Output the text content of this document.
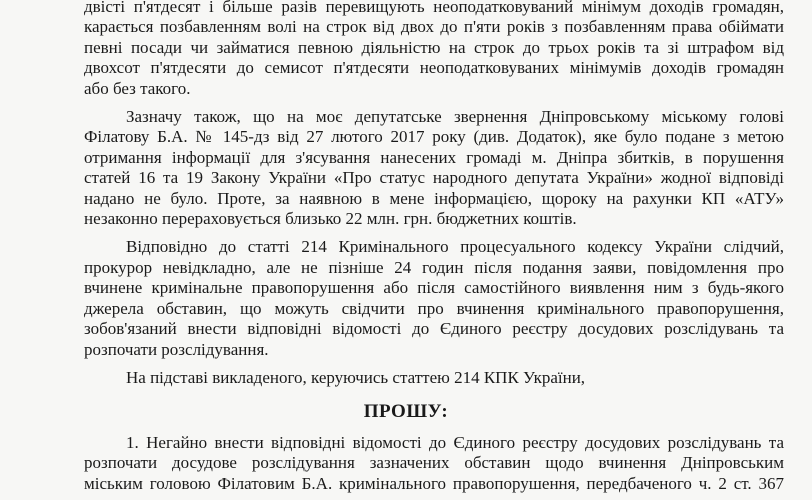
двісті п'ятдесят і більше разів перевищують неоподатковуваний мінімум доходів громадян,
карається позбавленням волі на строк від двох до п'яти років з позбавленням права обіймати
певні посади чи займатися певною діяльністю на строк до трьох років та зі штрафом від
двохсот п'ятдесяти до семисот п'ятдесяти неоподатковуваних мінімумів доходів громадян
або без такого.
Зазначу також, що на моє депутатське звернення Дніпровському міському голові
Філатову Б.А. № 145-дз від 27 лютого 2017 року (див. Додаток), яке було подане з метою
отримання інформації для з'ясування нанесених громаді м. Дніпра збитків, в порушення
статей 16 та 19 Закону України «Про статус народного депутата України» жодної відповіді
надано не було. Проте, за наявною в мене інформацією, щороку на рахунки КП «АТУ»
незаконно перераховується близько 22 млн. грн. бюджетних коштів.
Відповідно до статті 214 Кримінального процесуального кодексу України слідчий,
прокурор невідкладно, але не пізніше 24 годин після подання заяви, повідомлення про
вчинене кримінальне правопорушення або після самостійного виявлення ним з будь-якого
джерела обставин, що можуть свідчити про вчинення кримінального правопорушення,
зобов'язаний внести відповідні відомості до Єдиного реєстру досудових розслідувань та
розпочати розслідування.
На підставі викладеного, керуючись статтею 214 КПК України,
ПРОШУ:
1. Негайно внести відповідні відомості до Єдиного реєстру досудових розслідувань та
розпочати досудове розслідування зазначених обставин щодо вчинення Дніпровським
міським головою Філатовим Б.А. кримінального правопорушення, передбаченого ч. 2 ст. 367
